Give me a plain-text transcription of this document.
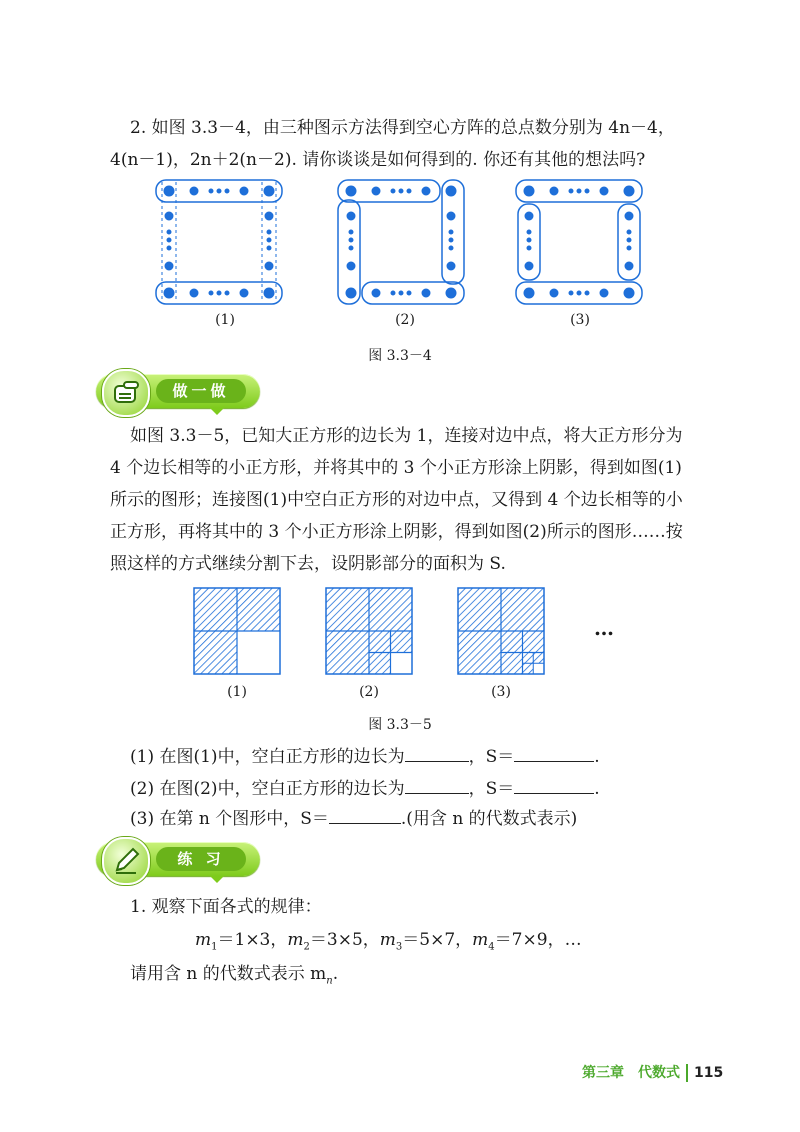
2. 如图 3.3－4，由三种图示方法得到空心方阵的总点数分别为 4n－4，
4(n－1)，2n＋2(n－2). 请你谈谈是如何得到的. 你还有其他的想法吗?
(1)	(2)	(3)
图 3.3－4
做一做
如图 3.3－5，已知大正方形的边长为 1，连接对边中点，将大正方形分为
4 个边长相等的小正方形，并将其中的 3 个小正方形涂上阴影，得到如图(1)
所示的图形；连接图(1)中空白正方形的对边中点，又得到 4 个边长相等的小
正方形，再将其中的 3 个小正方形涂上阴影，得到如图(2)所示的图形……按
照这样的方式继续分割下去，设阴影部分的面积为 S.
…
(1)	(2)	(3)
图 3.3－5
(1) 在图(1)中，空白正方形的边长为	，S＝	.
(2) 在图(2)中，空白正方形的边长为	，S＝	.
(3) 在第 n 个图形中，S＝	.(用含 n 的代数式表示)
练 习
1. 观察下面各式的规律：
$m_1=1\times 3$，$m_2=3\times 5$，$m_3=5\times 7$，$m_4=7\times 9$，…
请用含 n 的代数式表示 $m_n$.
第三章　代数式 115
